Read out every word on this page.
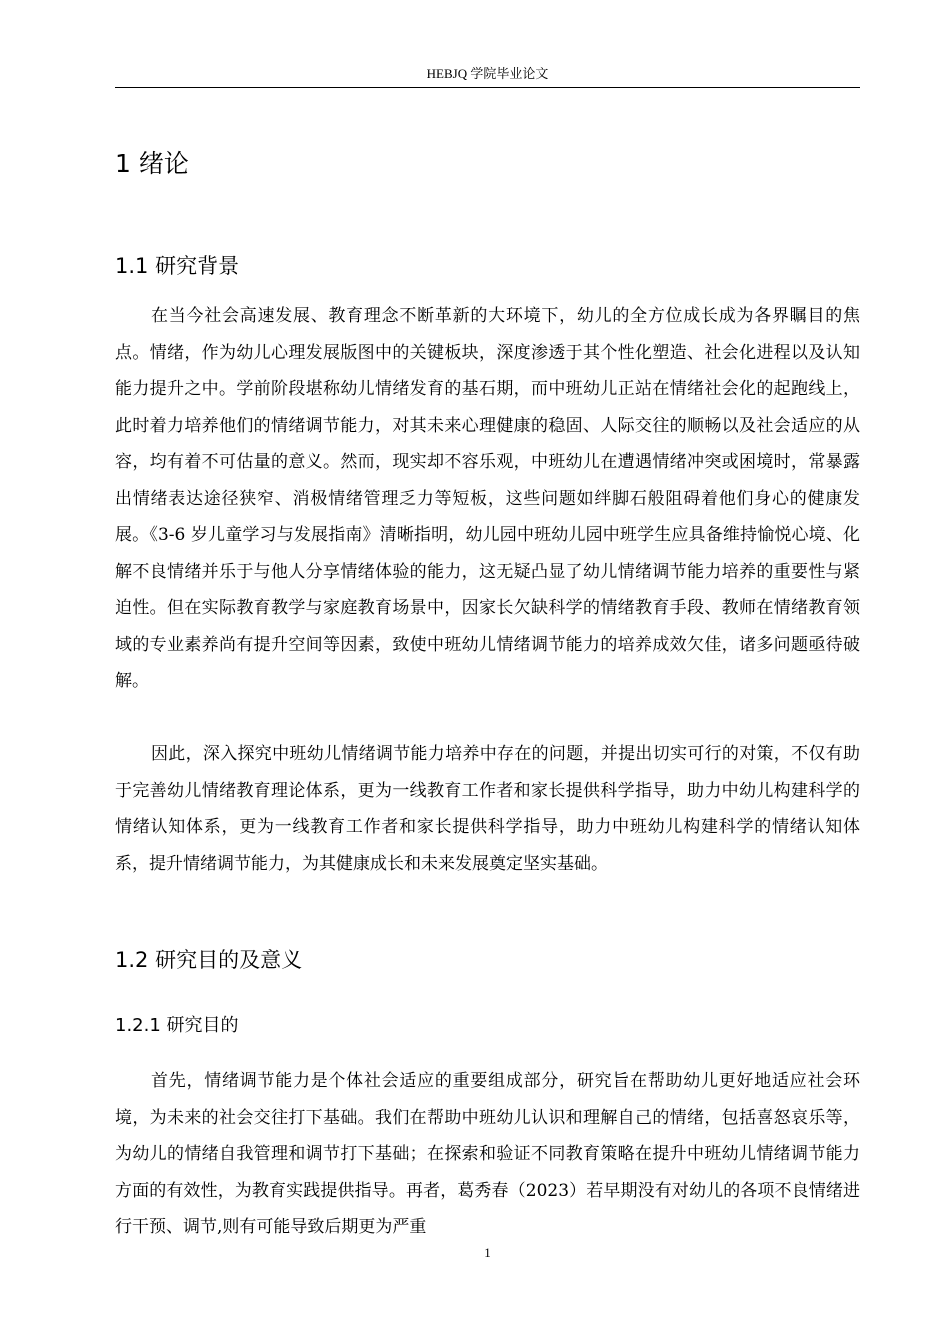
HEBJQ 学院毕业论文
1 绪论
1.1 研究背景

在当今社会高速发展、教育理念不断革新的大环境下，幼儿的全方位成长成为各界瞩目的焦点。情绪，作为幼儿心理发展版图中的关键板块，深度渗透于其个性化塑造、社会化进程以及认知能力提升之中。学前阶段堪称幼儿情绪发育的基石期，而中班幼儿正站在情绪社会化的起跑线上，此时着力培养他们的情绪调节能力，对其未来心理健康的稳固、人际交往的顺畅以及社会适应的从容，均有着不可估量的意义。然而，现实却不容乐观，中班幼儿在遭遇情绪冲突或困境时，常暴露出情绪表达途径狭窄、消极情绪管理乏力等短板，这些问题如绊脚石般阻碍着他们身心的健康发展。《3-6 岁儿童学习与发展指南》清晰指明，幼儿园中班幼儿园中班学生应具备维持愉悦心境、化解不良情绪并乐于与他人分享情绪体验的能力，这无疑凸显了幼儿情绪调节能力培养的重要性与紧迫性。但在实际教育教学与家庭教育场景中，因家长欠缺科学的情绪教育手段、教师在情绪教育领域的专业素养尚有提升空间等因素，致使中班幼儿情绪调节能力的培养成效欠佳，诸多问题亟待破解。

因此，深入探究中班幼儿情绪调节能力培养中存在的问题，并提出切实可行的对策，不仅有助于完善幼儿情绪教育理论体系，更为一线教育工作者和家长提供科学指导，助力中幼儿构建科学的情绪认知体系，更为一线教育工作者和家长提供科学指导，助力中班幼儿构建科学的情绪认知体系，提升情绪调节能力，为其健康成长和未来发展奠定坚实基础。

1.2 研究目的及意义
1.2.1 研究目的

首先，情绪调节能力是个体社会适应的重要组成部分，研究旨在帮助幼儿更好地适应社会环境，为未来的社会交往打下基础。我们在帮助中班幼儿认识和理解自己的情绪，包括喜怒哀乐等，为幼儿的情绪自我管理和调节打下基础；在探索和验证不同教育策略在提升中班幼儿情绪调节能力方面的有效性，为教育实践提供指导。再者，葛秀春（2023）若早期没有对幼儿的各项不良情绪进行干预、调节,则有可能导致后期更为严重

1
